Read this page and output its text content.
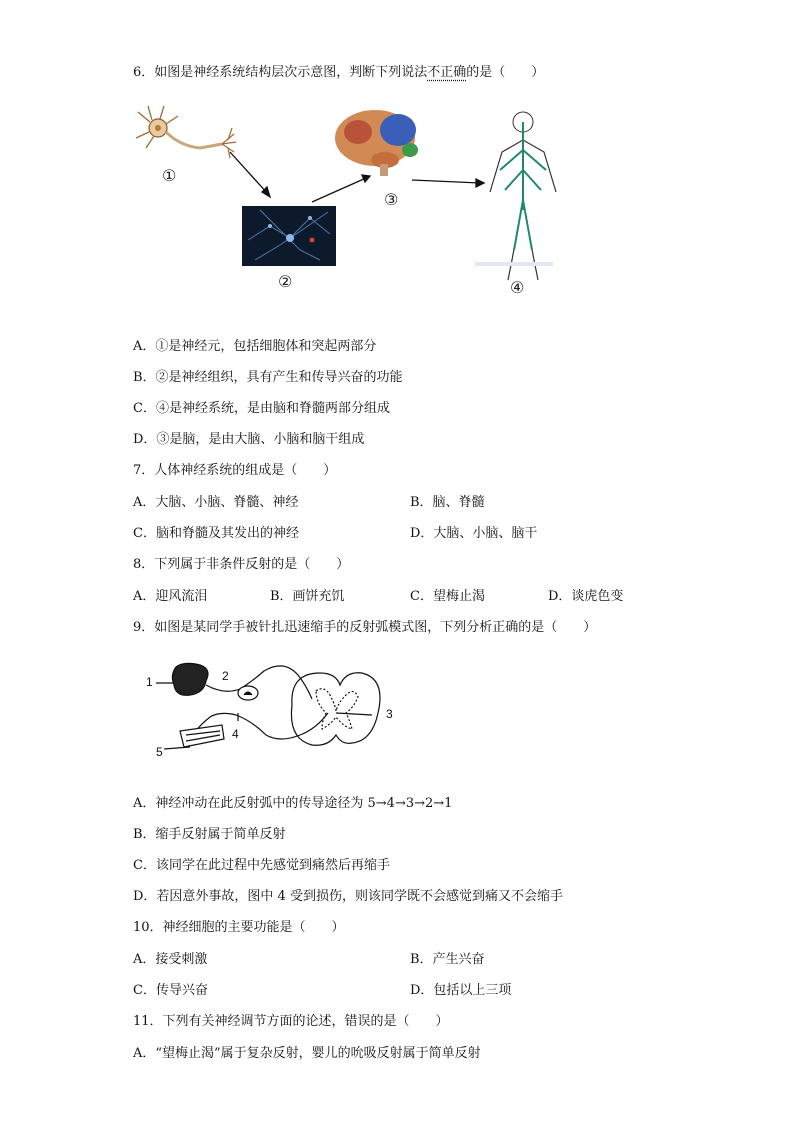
6．如图是神经系统结构层次示意图，判断下列说法不正确的是（　　）
①
②
③
④
A．①是神经元，包括细胞体和突起两部分
B．②是神经组织，具有产生和传导兴奋的功能
C．④是神经系统，是由脑和脊髓两部分组成
D．③是脑，是由大脑、小脑和脑干组成
7．人体神经系统的组成是（　　）
A．大脑、小脑、脊髓、神经	B．脑、脊髓
C．脑和脊髓及其发出的神经	D．大脑、小脑、脑干
8．下列属于非条件反射的是（　　）
A．迎风流泪	B．画饼充饥	C．望梅止渴	D．谈虎色变
9．如图是某同学手被针扎迅速缩手的反射弧模式图，下列分析正确的是（　　）
1	2
3
4
5
A．神经冲动在此反射弧中的传导途径为 5→4→3→2→1
B．缩手反射属于简单反射
C．该同学在此过程中先感觉到痛然后再缩手
D．若因意外事故，图中 4 受到损伤，则该同学既不会感觉到痛又不会缩手
10．神经细胞的主要功能是（　　）
A．接受刺激	B．产生兴奋
C．传导兴奋	D．包括以上三项
11．下列有关神经调节方面的论述，错误的是（　　）
A．“望梅止渴”属于复杂反射，婴儿的吮吸反射属于简单反射
